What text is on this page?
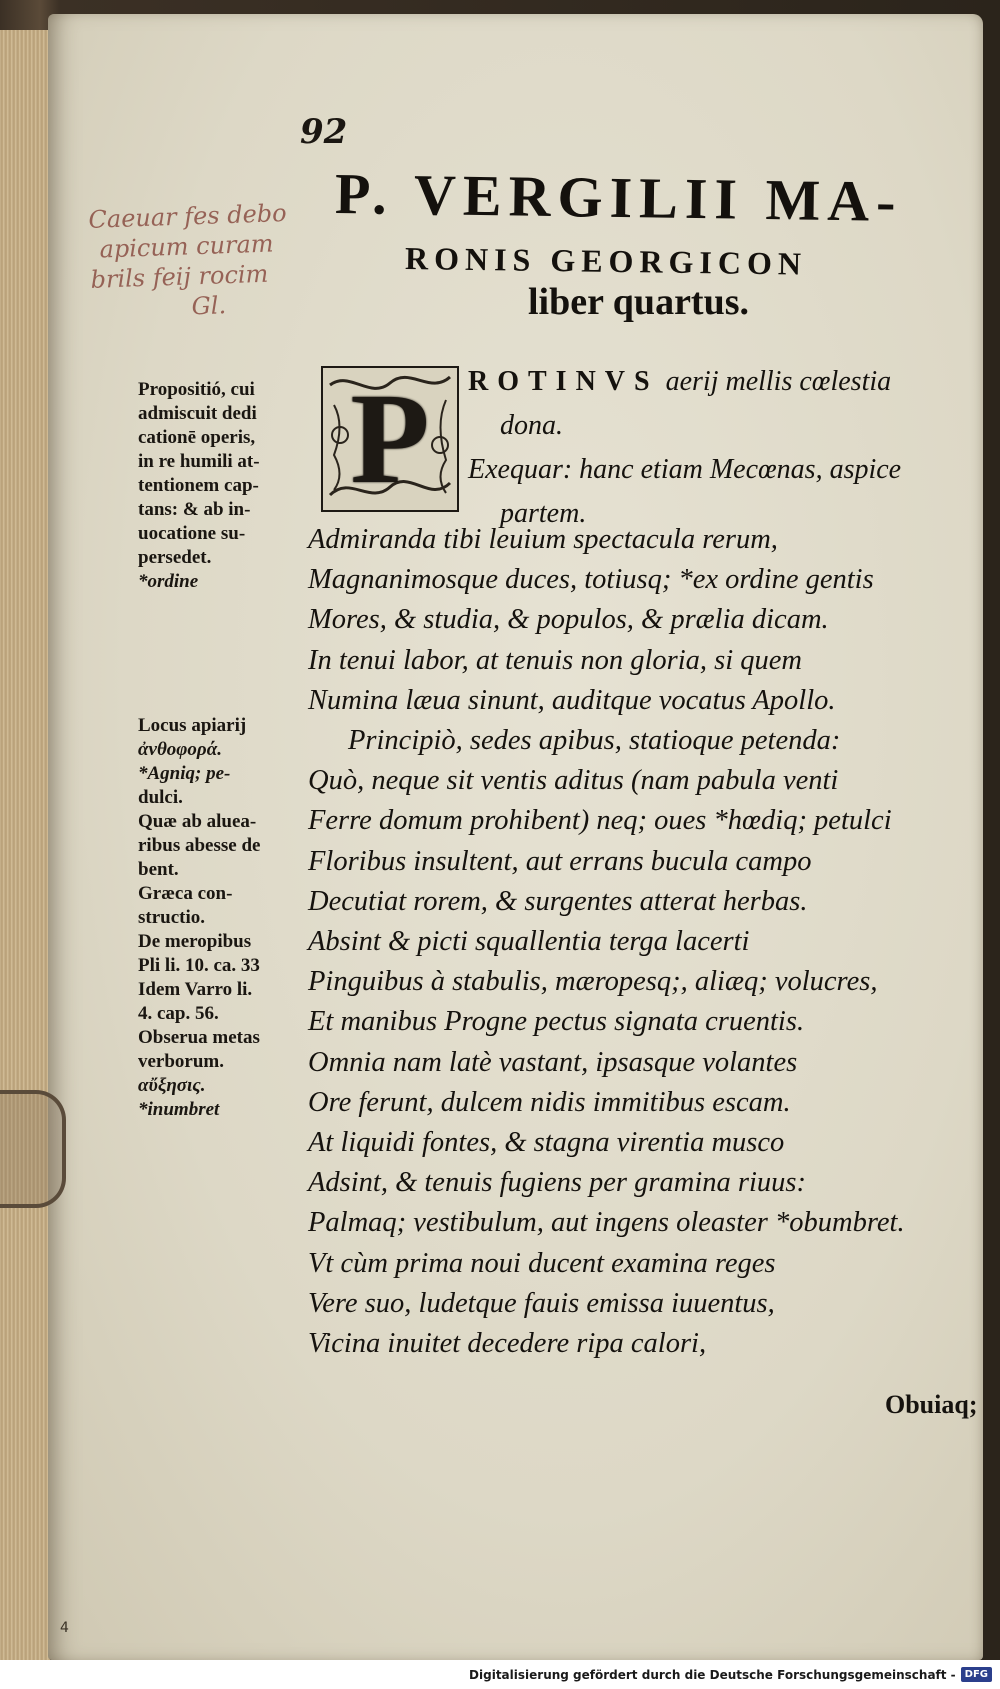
92
P. VERGILII MA-
RONIS GEORGICON
liber quartus.
Caeuar fes debo
apicum curam
brils feij rocim
Gl.
P	ROTINVS aerij mellis cœlestia
dona.
Exequar: hanc etiam Mecœnas, aspice
partem.
Admiranda tibi leuium spectacula rerum,
Magnanimosque duces, totiusq; *ex ordine gentis
Mores, & studia, & populos, & prælia dicam.
In tenui labor, at tenuis non gloria, si quem
Numina læua sinunt, auditque vocatus Apollo.
Principiò, sedes apibus, statioque petenda:
Quò, neque sit ventis aditus (nam pabula venti
Ferre domum prohibent) neq; oues *hœdiq; petulci
Floribus insultent, aut errans bucula campo
Decutiat rorem, & surgentes atterat herbas.
Absint & picti squallentia terga lacerti
Pinguibus à stabulis, mæropesq;, aliæq; volucres,
Et manibus Progne pectus signata cruentis.
Omnia nam latè vastant, ipsasque volantes
Ore ferunt, dulcem nidis immitibus escam.
At liquidi fontes, & stagna virentia musco
Adsint, & tenuis fugiens per gramina riuus:
Palmaq; vestibulum, aut ingens oleaster *obumbret.
Vt cùm prima noui ducent examina reges
Vere suo, ludetque fauis emissa iuuentus,
Vicina inuitet decedere ripa calori,
Propositió, cui
admiscuit dedi
cationē operis,
in re humili at-
tentionem cap-
tans: & ab in-
uocatione su-
persedet.
*ordine

Locus apiarij
ἀνθοφορά.
*Agniq; pe-
dulci.
Quæ ab aluea-
ribus abesse de
bent.
Græca con-
structio.
De meropibus
Pli li. 10. ca. 33
Idem Varro li.
4. cap. 56.
Obserua metas
verborum.
αὔξησις.
*inumbret
Obuiaq;
4
Digitalisierung gefördert durch die Deutsche Forschungsgemeinschaft - DFG
